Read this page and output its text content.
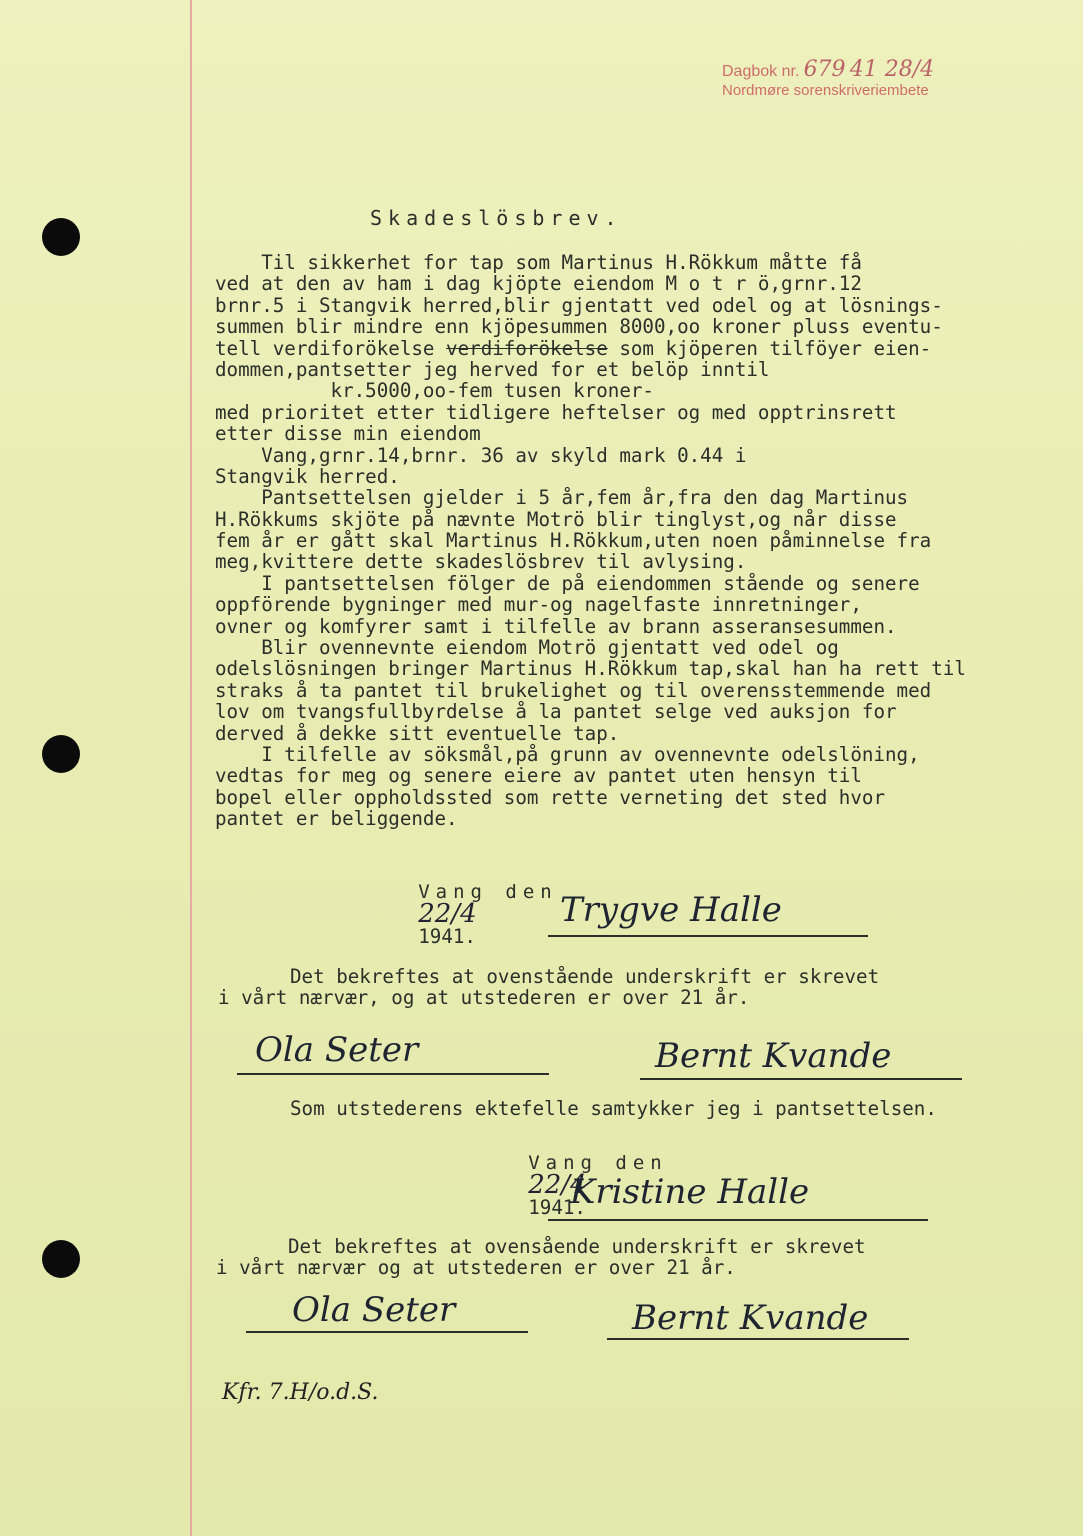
Dagbok nr. 679 41 28/4
Nordmøre sorenskriveriembete
Skadeslösbrev.
Til sikkerhet for tap som Martinus H.Rökkum måtte få
ved at den av ham i dag kjöpte eiendom M o t r ö,grnr.12
brnr.5 i Stangvik herred,blir gjentatt ved odel og at lösnings-
summen blir mindre enn kjöpesummen 8000,oo kroner pluss eventu-
tell verdiforökelse verdiforökelse som kjöperen tilföyer eien-
dommen,pantsetter jeg herved for et belöp inntil
kr.5000,oo-fem tusen kroner-
med prioritet etter tidligere heftelser og med opptrinsrett
etter disse min eiendom
Vang,grnr.14,brnr. 36 av skyld mark 0.44 i
Stangvik herred.
Pantsettelsen gjelder i 5 år,fem år,fra den dag Martinus
H.Rökkums skjöte på nævnte Motrö blir tinglyst,og når disse
fem år er gått skal Martinus H.Rökkum,uten noen påminnelse fra
meg,kvittere dette skadeslösbrev til avlysing.
I pantsettelsen fölger de på eiendommen stående og senere
oppförende bygninger med mur-og nagelfaste innretninger,
ovner og komfyrer samt i tilfelle av brann asseransesummen.
Blir ovennevnte eiendom Motrö gjentatt ved odel og
odelslösningen bringer Martinus H.Rökkum tap,skal han ha rett til
straks å ta pantet til brukelighet og til overensstemmende med
lov om tvangsfullbyrdelse å la pantet selge ved auksjon for
derved å dekke sitt eventuelle tap.
I tilfelle av söksmål,på grunn av ovennevnte odelslöning,
vedtas for meg og senere eiere av pantet uten hensyn til
bopel eller oppholdssted som rette verneting det sted hvor
pantet er beliggende.

Vang den
22/4
1941.

Trygve Halle
Det bekreftes at ovenstående underskrift er skrevet
i vårt nærvær, og at utstederen er over 21 år.
Ola Seter	Bernt Kvande
Som utstederens ektefelle samtykker jeg i pantsettelsen.

Vang den
22/4
1941.

Kristine Halle
Det bekreftes at ovensående underskrift er skrevet
i vårt nærvær og at utstederen er over 21 år.
Ola Seter	Bernt Kvande
Kfr. 7.H/o.d.S.
